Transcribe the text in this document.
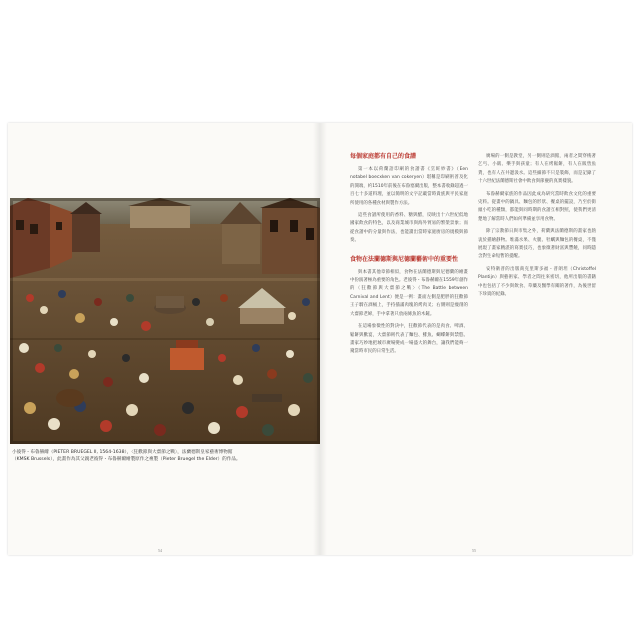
小彼得・布魯赫爾（PIETER BRUEGEL II, 1564-1638），〈狂歡節與大齋節之戰〉，法蘭德斯皇家藝術博物館
（KMSK Brussels），此畫作為其父親老彼得・布魯赫爾繪製原作之複製（Pieter Bruegel the Elder）的作品。

54
每個家庭都有自己的食譜

第一本以荷蘭語印刷的食譜書《烹飪妙書》（Een notabel boecxken van cokeryen）堪稱是印刷術普及化的開端，約1510年前後在布魯塞爾出版，整本書收錄超過一百七十多道料理，並以簡明的文字記載當時貴族與平民家庭所使用的各種食材與製作方法。

這些食譜所使用的香料、糖與醋，反映出十六世紀低地國家飲食的特色，以及商業城市與海外貿易的繁榮景象；而從食譜中的分量與作法，也能讀出當時家庭廚房的規模與節奏。

食物在法蘭德斯與尼德蘭藝術中的重要性

與本書其他章節相似，食物在法蘭德斯與尼德蘭的繪畫中扮演著極為重要的角色。老彼得・布魯赫爾在1559年創作的〈狂歡節與大齋節之戰〉（The Battle between Carnival and Lent）便是一例：畫面左側是肥胖的狂歡節王子騎在酒桶上，手持插滿肉塊的烤肉叉；右側則是瘦削的大齋節老婦，手中拿著只放兩條魚的木鏟。

在這場象徵性的對決中，狂歡節代表的是肉食、啤酒、鬆餅與歡宴，大齋節則代表了麵包、鯡魚、蝴蝶餅與禁慾。畫家巧妙地把城市廣場變成一場盛大的舞台，讓我們能夠一窺當時市民的日常生活。

廣場的一側是教堂，另一側則是酒館，兩者之間穿梭著乞丐、小販、樂手與孩童；有人在烤鬆餅，有人在販售魚貨，也有人在井邊汲水。這些細節不只是裝飾，而是記錄了十六世紀法蘭德斯社會中飲食與節慶的真實樣貌。

布魯赫爾家族的作品因此成為研究當時飲食文化的重要史料。從畫中的鍋具、麵包的形狀、餐桌的擺設，乃至於街頭小吃的種類，都能與同時期的食譜互相對照，使我們更清楚地了解當時人們如何準備並享用食物。

除了宗教節日與市集之外，荷蘭與法蘭德斯的畫家也熱衷於描繪靜物。堆滿水果、火腿、牡蠣與麵包的餐桌，不僅展現了畫家精湛的寫實技巧，也象徵著財富與豐饒，同時隱含對生命短暫的提醒。

安特衛普的出版商克里斯多福・普朗坦（Christoffel Plantijn）與藝術家、學者之間往來密切，他所出版的書籍中也包括了不少與飲食、草藥及醫學有關的著作，為後世留下珍貴的紀錄。

55
